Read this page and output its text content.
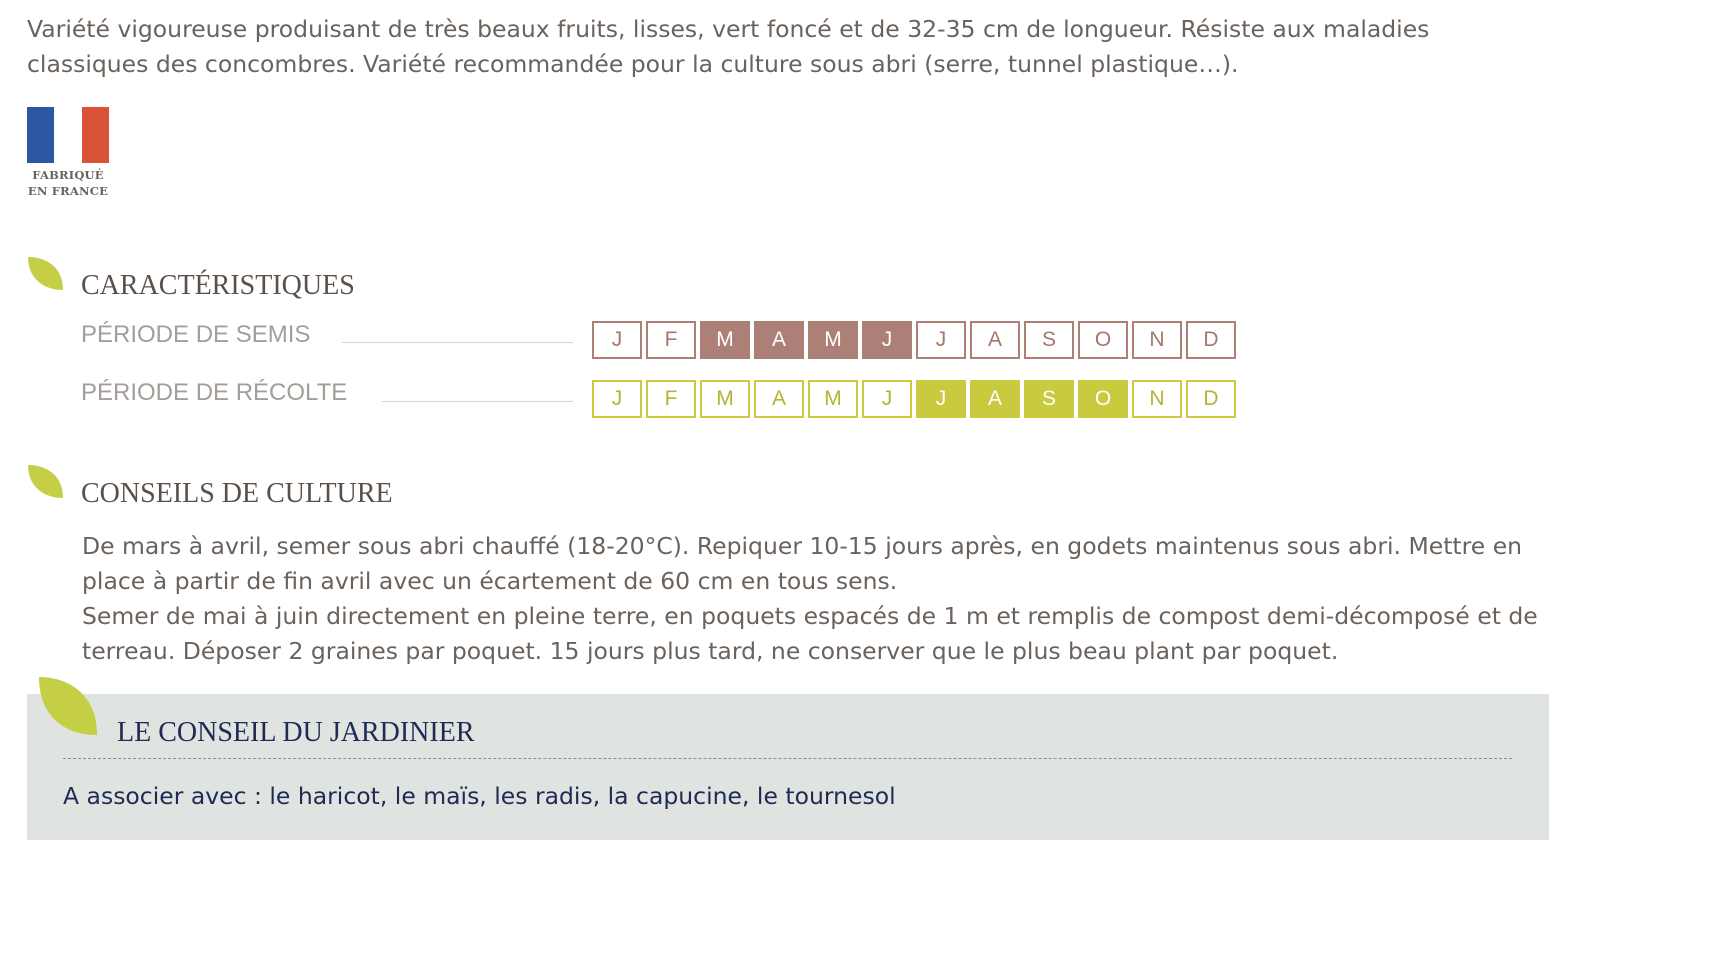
Variété vigoureuse produisant de très beaux fruits, lisses, vert foncé et de 32-35 cm de longueur. Résiste aux maladies classiques des concombres. Variété recommandée pour la culture sous abri (serre, tunnel plastique…).

FABRIQUÉ
EN FRANCE
CARACTÉRISTIQUES
PÉRIODE DE SEMIS	J	F	M	A	M	J	J	A	S	O	N	D
PÉRIODE DE RÉCOLTE	J	F	M	A	M	J	J	A	S	O	N	D
CONSEILS DE CULTURE

De mars à avril, semer sous abri chauffé (18-20°C). Repiquer 10-15 jours après, en godets maintenus sous abri. Mettre en place à partir de fin avril avec un écartement de 60 cm en tous sens.

Semer de mai à juin directement en pleine terre, en poquets espacés de 1 m et remplis de compost demi-décomposé et de terreau. Déposer 2 graines par poquet. 15 jours plus tard, ne conserver que le plus beau plant par poquet.

LE CONSEIL DU JARDINIER
A associer avec : le haricot, le maïs, les radis, la capucine, le tournesol
